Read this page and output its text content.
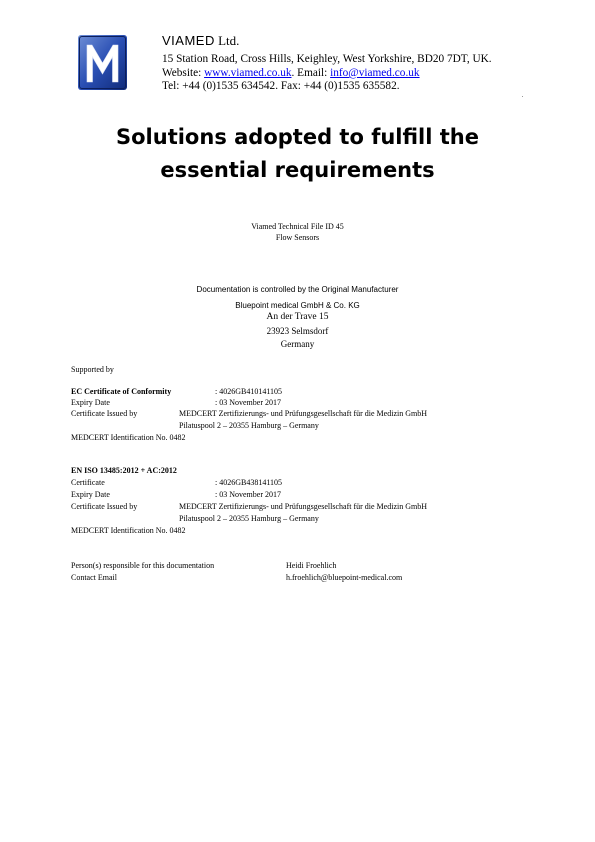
VIAMED Ltd.
15 Station Road, Cross Hills, Keighley, West Yorkshire, BD20 7DT, UK.
Website: www.viamed.co.uk. Email: info@viamed.co.uk
Tel: +44 (0)1535 634542. Fax: +44 (0)1535 635582.
Solutions adopted to fulfill the
essential requirements
Viamed Technical File ID 45
Flow Sensors
Documentation is controlled by the Original Manufacturer
Bluepoint medical GmbH & Co. KG
An der Trave 15
23923 Selmsdorf
Germany
Supported by
EC Certificate of Conformity	: 4026GB410141105
Expiry Date	: 03 November 2017
Certificate Issued by	MEDCERT Zertifizierungs- und Prüfungsgesellschaft für die Medizin GmbH
Pilatuspool 2 – 20355 Hamburg – Germany
MEDCERT Identification No. 0482
EN ISO 13485:2012 + AC:2012
Certificate	: 4026GB438141105
Expiry Date	: 03 November 2017
Certificate Issued by	MEDCERT Zertifizierungs- und Prüfungsgesellschaft für die Medizin GmbH
Pilatuspool 2 – 20355 Hamburg – Germany
MEDCERT Identification No. 0482
Person(s) responsible for this documentation	Heidi Froehlich
Contact Email	h.froehlich@bluepoint-medical.com
